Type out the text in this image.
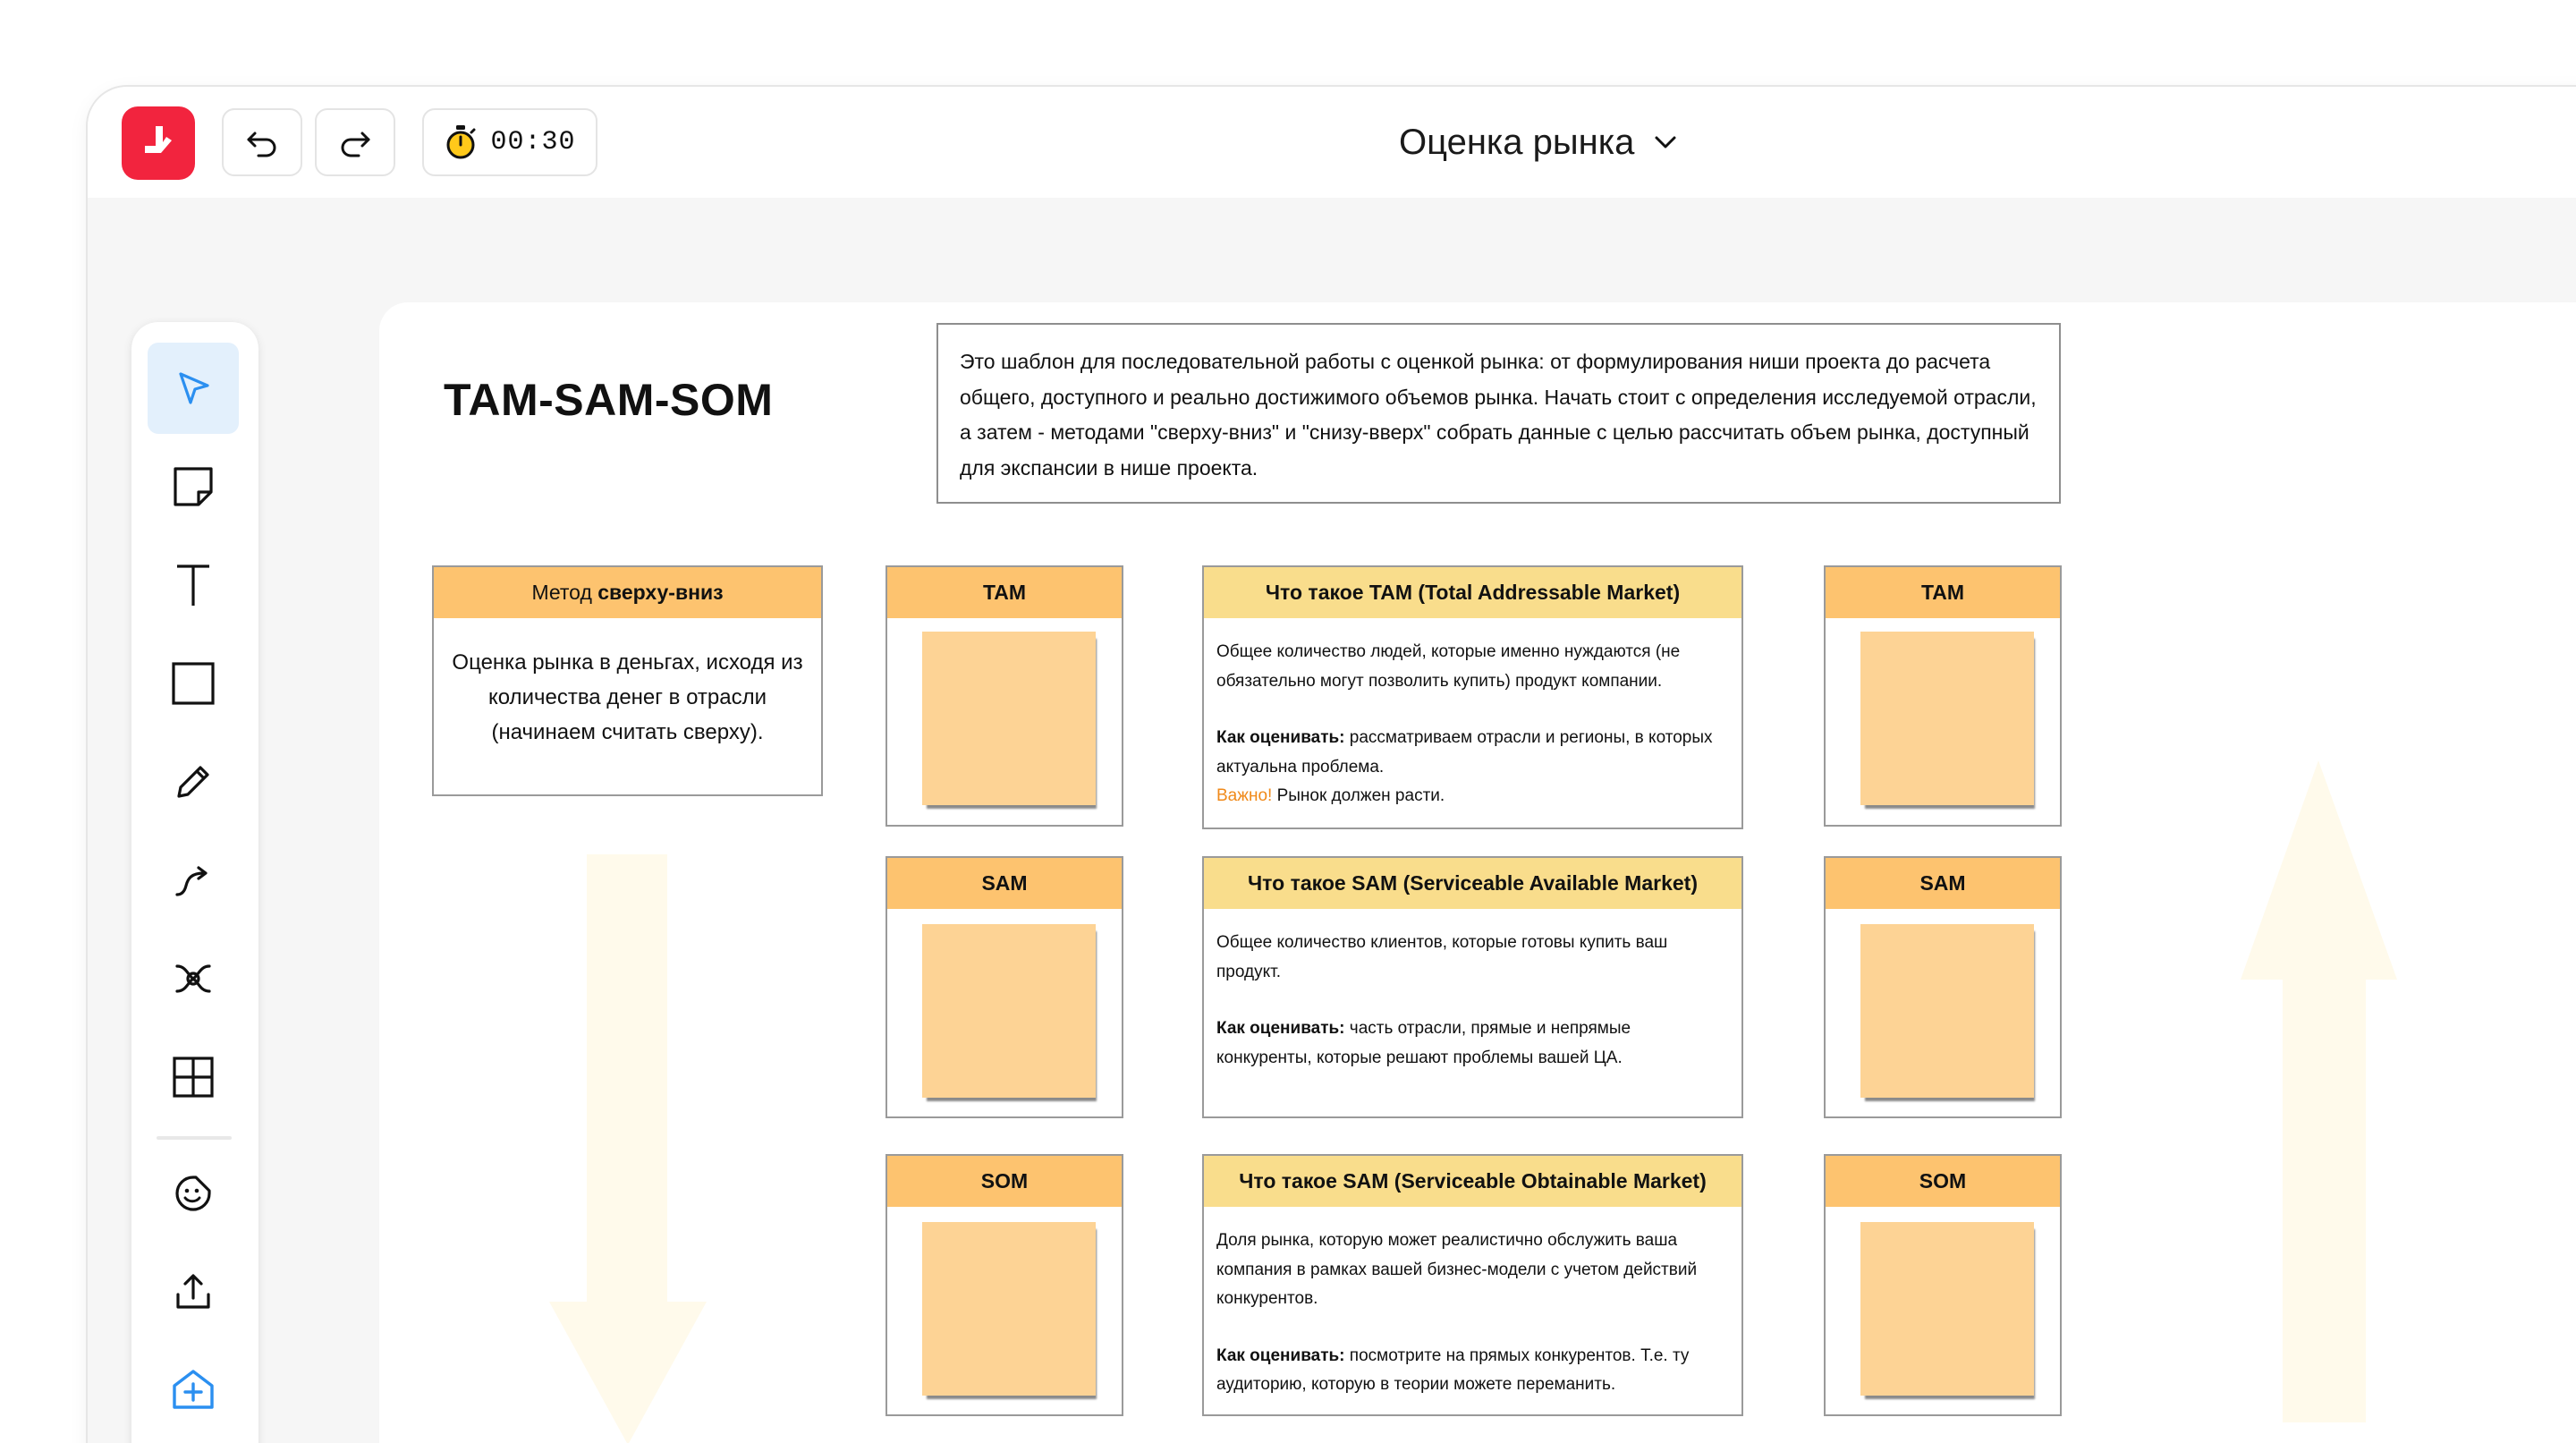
00:30	Оценка рынка
TAM-SAM-SOM
Это шаблон для последовательной работы с оценкой рынка: от формулирования ниши проекта до расчета общего, доступного и реально достижимого объемов рынка. Начать стоит с определения исследуемой отрасли, а затем - методами "сверху-вниз" и "снизу-вверх" собрать данные с целью рассчитать объем рынка, доступный для экспансии в нише проекта.
Метод сверху-вниз
Оценка рынка в деньгах, исходя из количества денег в отрасли (начинаем считать сверху).
TAM
SAM
SOM
Что такое TAM (Total Addressable Market)

Общее количество людей, которые именно нуждаются (не обязательно могут позволить купить) продукт компании.

Как оценивать: рассматриваем отрасли и регионы, в которых актуальна проблема.

Важно! Рынок должен расти.

Что такое SAM (Serviceable Available Market)

Общее количество клиентов, которые готовы купить ваш продукт.

Как оценивать: часть отрасли, прямые и непрямые конкуренты, которые решают проблемы вашей ЦА.

Что такое SAM (Serviceable Obtainable Market)

Доля рынка, которую может реалистично обслужить ваша компания в рамках вашей бизнес-модели с учетом действий конкурентов.

Как оценивать: посмотрите на прямых конкурентов. Т.е. ту аудиторию, которую в теории можете переманить.

TAM
SAM
SOM
